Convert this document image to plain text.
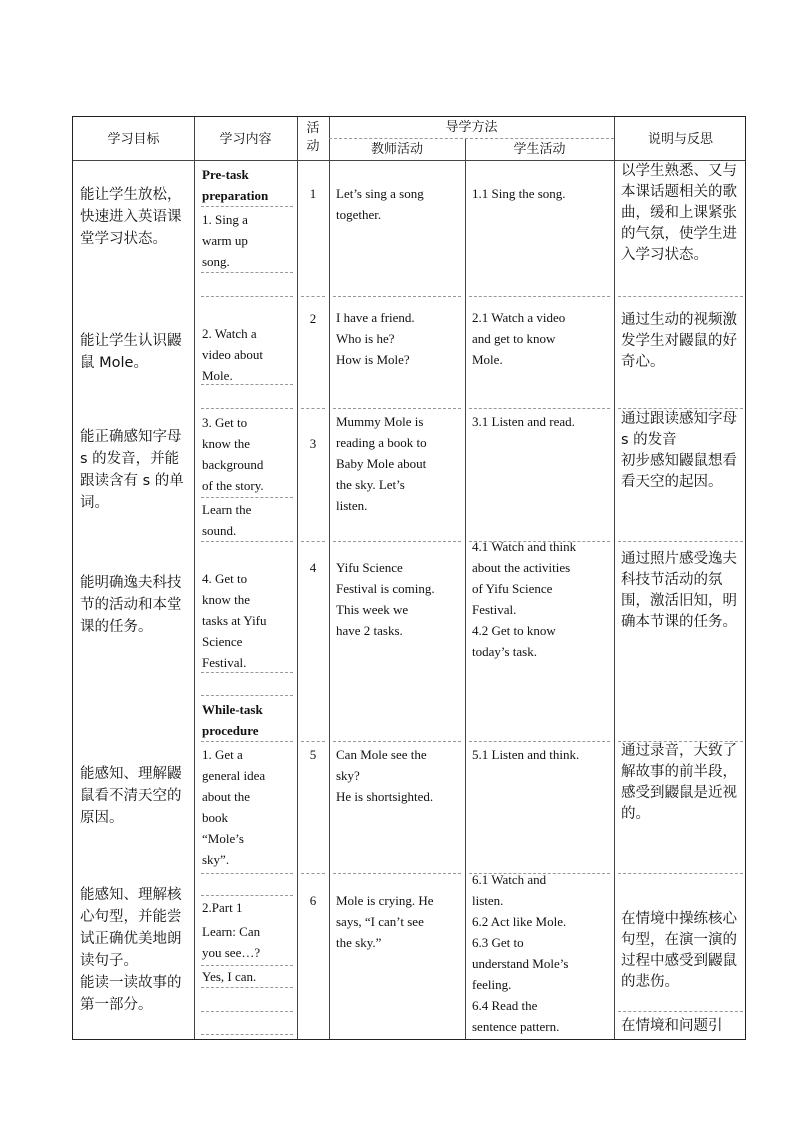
学习目标	学习内容
活
动
导学方法
教师活动	学生活动
说明与反思
能让学生放松，快速进入英语课堂学习状态。
能让学生认识鼹鼠 Mole。
能正确感知字母 s 的发音，并能跟读含有 s 的单词。
能明确逸夫科技节的活动和本堂课的任务。
能感知、理解鼹鼠看不清天空的原因。
能感知、理解核心句型，并能尝试正确优美地朗读句子。
能读一读故事的第一部分。
Pre-task
preparation
1. Sing a
warm up
song.
2. Watch a
video about
Mole.
3. Get to
know the
background
of the story.
Learn the
sound.
4. Get to
know the
tasks at Yifu
Science
Festival.
While-task
procedure
1. Get a
general idea
about the
book
“Mole’s
sky”.
2.Part 1
Learn: Can
you see…?
Yes, I can.
1
2
3
4
5
6
Let’s sing a song
together.
I have a friend.
Who is he?
How is Mole?
Mummy Mole is
reading a book to
Baby Mole about
the sky. Let’s
listen.
Yifu Science
Festival is coming.
This week we
have 2 tasks.
Can Mole see the
sky?
He is shortsighted.
Mole is crying. He
says, “I can’t see
the sky.”
1.1 Sing the song.
2.1 Watch a video
and get to know
Mole.
3.1 Listen and read.
4.1 Watch and think
about the activities
of Yifu Science
Festival.
4.2 Get to know
today’s task.
5.1 Listen and think.
6.1 Watch and
listen.
6.2 Act like Mole.
6.3 Get to
understand Mole’s
feeling.
6.4 Read the
sentence pattern.
以学生熟悉、又与本课话题相关的歌曲，缓和上课紧张的气氛，使学生进入学习状态。
通过生动的视频激发学生对鼹鼠的好奇心。
通过跟读感知字母 s 的发音
初步感知鼹鼠想看看天空的起因。
通过照片感受逸夫科技节活动的氛围，激活旧知，明确本节课的任务。
通过录音，大致了解故事的前半段，感受到鼹鼠是近视的。
在情境中操练核心句型，在演一演的过程中感受到鼹鼠的悲伤。
在情境和问题引
